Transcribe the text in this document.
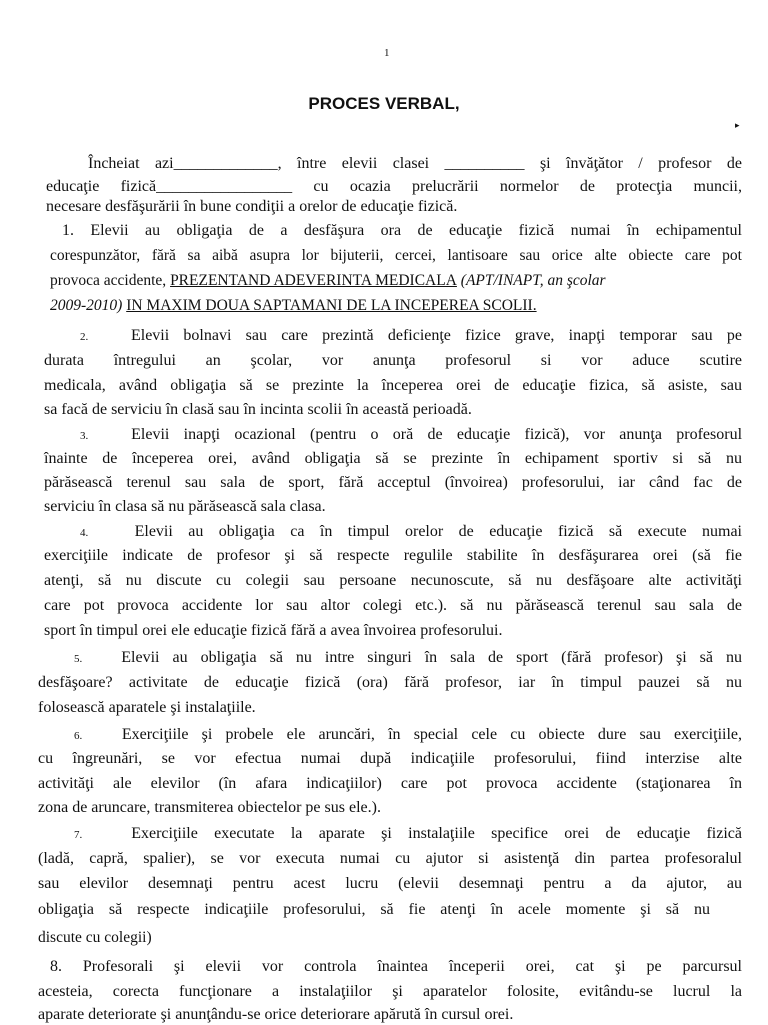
1
PROCES VERBAL,
▸
Încheiat azi_____________, între elevii clasei __________ şi învăţător / profesor de
educaţie fizică_________________ cu ocazia prelucrării normelor de protecţia muncii,
necesare desfăşurării în bune condiţii a orelor de educaţie fizică.
1. Elevii au obligaţia de a desfăşura ora de educaţie fizică numai în echipamentul
corespunzător, fără sa aibă asupra lor bijuterii, cercei, lantisoare sau orice alte obiecte care pot
provoca accidente, PREZENTAND ADEVERINTA MEDICALA (APT/INAPT, an şcolar
2009-2010) IN MAXIM DOUA SAPTAMANI DE LA INCEPEREA SCOLII.
2.	Elevii bolnavi sau care prezintă deficienţe fizice grave, inapţi temporar sau pe
durata întregului an şcolar, vor anunţa profesorul si vor aduce scutire
medicala, având obligaţia să se prezinte la începerea orei de educaţie fizica, să asiste, sau
sa facă de serviciu în clasă sau în incinta scolii în această perioadă.
3.	Elevii inapţi ocazional (pentru o oră de educaţie fizică), vor anunţa profesorul
înainte de începerea orei, având obligaţia să se prezinte în echipament sportiv si să nu
părăsească terenul sau sala de sport, fără acceptul (învoirea) profesorului, iar când fac de
serviciu în clasa să nu părăsească sala clasa.
4.	Elevii au obligaţia ca în timpul orelor de educaţie fizică să execute numai
exerciţiile indicate de profesor şi să respecte regulile stabilite în desfăşurarea orei (să fie
atenţi, să nu discute cu colegii sau persoane necunoscute, să nu desfăşoare alte activităţi
care pot provoca accidente lor sau altor colegi etc.). să nu părăsească terenul sau sala de
sport în timpul orei ele educaţie fizică fără a avea învoirea profesorului.
5. Elevii au obligaţia să nu intre singuri în sala de sport (fără profesor) şi să nu
desfăşoare? activitate de educaţie fizică (ora) fără profesor, iar în timpul pauzei să nu
folosească aparatele şi instalaţiile.
6. Exerciţiile şi probele ele aruncări, în special cele cu obiecte dure sau exerciţiile,
cu îngreunări, se vor efectua numai după indicaţiile profesorului, fiind interzise alte
activităţi ale elevilor (în afara indicaţiilor) care pot provoca accidente (staţionarea în
zona de aruncare, transmiterea obiectelor pe sus ele.).
7.	Exerciţiile executate la aparate şi instalaţiile specifice orei de educaţie fizică
(ladă, capră, spalier), se vor executa numai cu ajutor si asistenţă din partea profesoralul
sau elevilor desemnaţi pentru acest lucru (elevii desemnaţi pentru a da ajutor, au
obligaţia să respecte indicaţiile profesorului, să fie atenţi în acele momente şi să nu
discute cu colegii)
8. Profesorali şi elevii vor controla înaintea începerii orei, cat şi pe parcursul
acesteia, corecta funcţionare a instalaţiilor şi aparatelor folosite, evitându-se lucrul la
aparate deteriorate şi anunţându-se orice deteriorare apărută în cursul orei.
